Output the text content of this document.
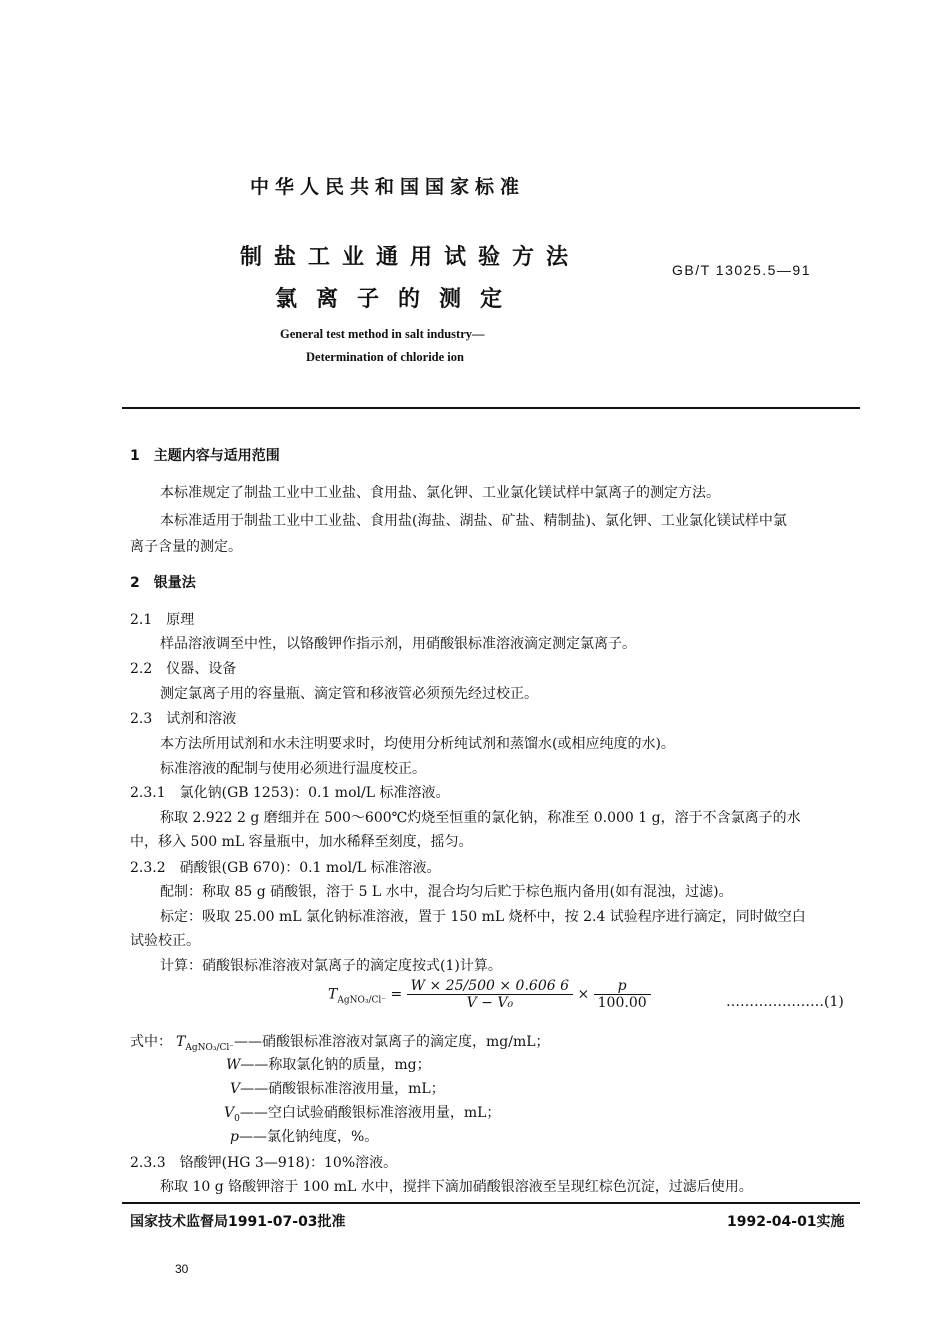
中华人民共和国国家标准
制盐工业通用试验方法
氯离子的测定
GB/T 13025.5—91
General test method in salt industry—
Determination of chloride ion
1　主题内容与适用范围
本标准规定了制盐工业中工业盐、食用盐、氯化钾、工业氯化镁试样中氯离子的测定方法。
本标准适用于制盐工业中工业盐、食用盐(海盐、湖盐、矿盐、精制盐)、氯化钾、工业氯化镁试样中氯
离子含量的测定。
2　银量法
2.1　原理
样品溶液调至中性，以铬酸钾作指示剂，用硝酸银标准溶液滴定测定氯离子。
2.2　仪器、设备
测定氯离子用的容量瓶、滴定管和移液管必须预先经过校正。
2.3　试剂和溶液
本方法所用试剂和水未注明要求时，均使用分析纯试剂和蒸馏水(或相应纯度的水)。
标准溶液的配制与使用必须进行温度校正。
2.3.1　氯化钠(GB 1253)：0.1 mol/L 标准溶液。
称取 2.922 2 g 磨细并在 500～600℃灼烧至恒重的氯化钠，称准至 0.000 1 g，溶于不含氯离子的水
中，移入 500 mL 容量瓶中，加水稀释至刻度，摇匀。
2.3.2　硝酸银(GB 670)：0.1 mol/L 标准溶液。
配制：称取 85 g 硝酸银，溶于 5 L 水中，混合均匀后贮于棕色瓶内备用(如有混浊，过滤)。
标定：吸取 25.00 mL 氯化钠标准溶液，置于 150 mL 烧杯中，按 2.4 试验程序进行滴定，同时做空白
试验校正。
计算：硝酸银标准溶液对氯离子的滴定度按式(1)计算。
$T_{AgNO_3/Cl^-} = \frac{W \times 25/500 \times 0.606 6}{\text{V − V₀}} \times \frac{p}{100.00}$	…………………(1)
式中： $T_{AgNO_3/Cl^-}——$硝酸银标准溶液对氯离子的滴定度，mg/mL；
W——称取氯化钠的质量，mg；
V——硝酸银标准溶液用量，mL；
$V_0——$空白试验硝酸银标准溶液用量，mL；
p——氯化钠纯度，%。
2.3.3　铬酸钾(HG 3—918)：10%溶液。
称取 10 g 铬酸钾溶于 100 mL 水中，搅拌下滴加硝酸银溶液至呈现红棕色沉淀，过滤后使用。
国家技术监督局1991-07-03批准	1992-04-01实施
30
